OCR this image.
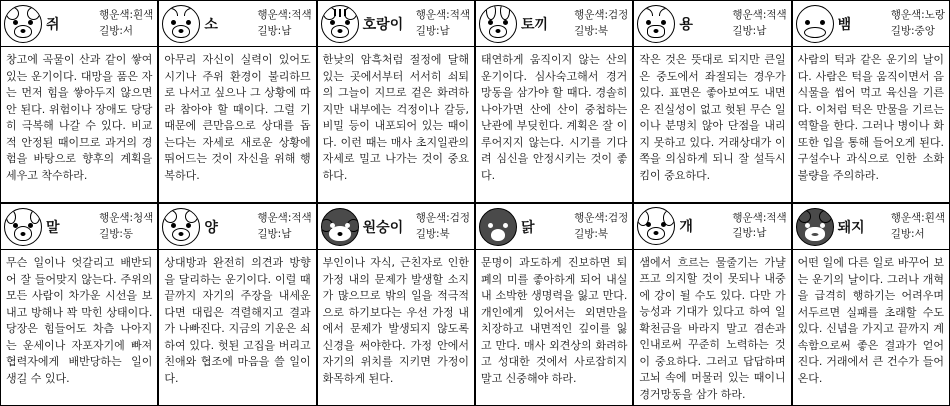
쥐
행운색:흰색
길방:서
창고에 곡물이 산과 같이 쌓여 있는 운기이다. 대망을 품은 자는 먼저 힘을 쌓아두지 않으면 안 된다. 위험이나 장애도 당당히 극복해 나갈 수 있다. 비교적 안정된 때이므로 과거의 경험을 바탕으로 향후의 계획을 세우고 착수하라.
소
행운색:적색
길방:남
아무리 자신이 실력이 있어도 시기나 주위 환경이 불리하므로 나서고 싶으나 그 상황에 따라 참아야 할 때이다. 그럴 기 때문에 큰만음으로 상대를 돕는다는 자세로 새로운 상황에 뛰어드는 것이 자신을 위해 행복하다.
호랑이
행운색:적색
길방:남
한낮의 암흑처럼 절정에 달해 있는 곳에서부터 서서히 쇠퇴의 그늘이 지므로 겉은 화려하지만 내부에는 걱정이나 갈등, 비밀 등이 내포되어 있는 때이다. 이런 때는 매사 초지일관의 자세로 밀고 나가는 것이 중요하다.
토끼
행운색:검정
길방:북
태연하게 움직이지 않는 산의 운기이다. 심사숙고해서 경거망동을 삼가야 할 때다. 경솔히 나아가면 산에 산이 중첩하는 난관에 부딪힌다. 계획은 잘 이루어지지 않는다. 시기를 기다려 심신을 안정시키는 것이 좋다.
용
행운색:적색
길방:남
작은 것은 뜻대로 되지만 큰일은 중도에서 좌절되는 경우가 있다. 표면은 좋아보여도 내면은 진실성이 없고 헛된 무슨 일이나 분명치 않아 단점을 내리지 못하고 있다. 거래상대가 이쪽을 의심하게 되니 잘 설득시킴이 중요하다.
뱀
행운색:노랑
길방:중앙
사람의 턱과 같은 운기의 날이다. 사람은 턱을 움직이면서 음식물을 씹어 먹고 육신을 기른다. 이처럼 턱은 만물을 기르는 역할을 한다. 그러나 병이나 화 또한 입을 통해 들어오게 된다. 구설수나 과식으로 인한 소화불량을 주의하라.
말
행운색:청색
길방:동
무슨 일이나 엇갈리고 배반되어 잘 들어맞지 않는다. 주위의 모든 사람이 차가운 시선을 보내고 방해나 꽉 막힌 상태이다. 당장은 힘들어도 차츰 나아지는 운세이나 자포자기에 빠져 협력자에게 배반당하는 일이 생길 수 있다.
양
행운색:적색
길방:남
상대방과 완전히 의견과 방향을 달리하는 운기이다. 이럴 때 끝까지 자기의 주장을 내세운다면 대립은 격렬해지고 결과가 나빠진다. 지금의 기운은 쇠하여 있다. 헛된 고집을 버리고 친애와 협조에 마음을 쓸 일이다.
원숭이
행운색:검정
길방:북
부인이나 자식, 근친자로 인한 가정 내의 문제가 발생할 소지가 많으므로 밖의 일을 적극적으로 하기보다는 우선 가정 내에서 문제가 발생되지 않도록 신경을 써야한다. 가정 안에서 자기의 위치를 지키면 가정이 화목하게 된다.
닭
행운색:검정
길방:북
문명이 과도하게 진보하면 퇴폐의 미를 좋아하게 되어 내실 내 소박한 생명력을 잃고 만다. 개인에게 있어서는 외면만을 치장하고 내면적인 깊이를 잃고 만다. 매사 외견상의 화려하고 성대한 것에서 사로잡히지 말고 신중해야 하라.
개
행운색:적색
길방:남
샘에서 흐르는 물줄기는 가냘프고 의지할 것이 못되나 내중에 강이 될 수도 있다. 다만 가능성과 기대가 있다고 하여 일확천금을 바라지 말고 겸손과 인내로써 꾸준히 노력하는 것이 중요하다. 그러고 답답하며 고뇌 속에 머물러 있는 때이니 경거망동을 삼가 하라.
돼지
행운색:흰색
길방:서
어떤 일에 다른 일로 바꾸어 보는 운기의 날이다. 그러나 개혁을 급격히 행하기는 어려우며 서두르면 실패를 초래할 수도 있다. 신념을 가지고 끝까지 계속함으로써 좋은 결과가 얻어진다. 거래에서 큰 건수가 들어온다.
